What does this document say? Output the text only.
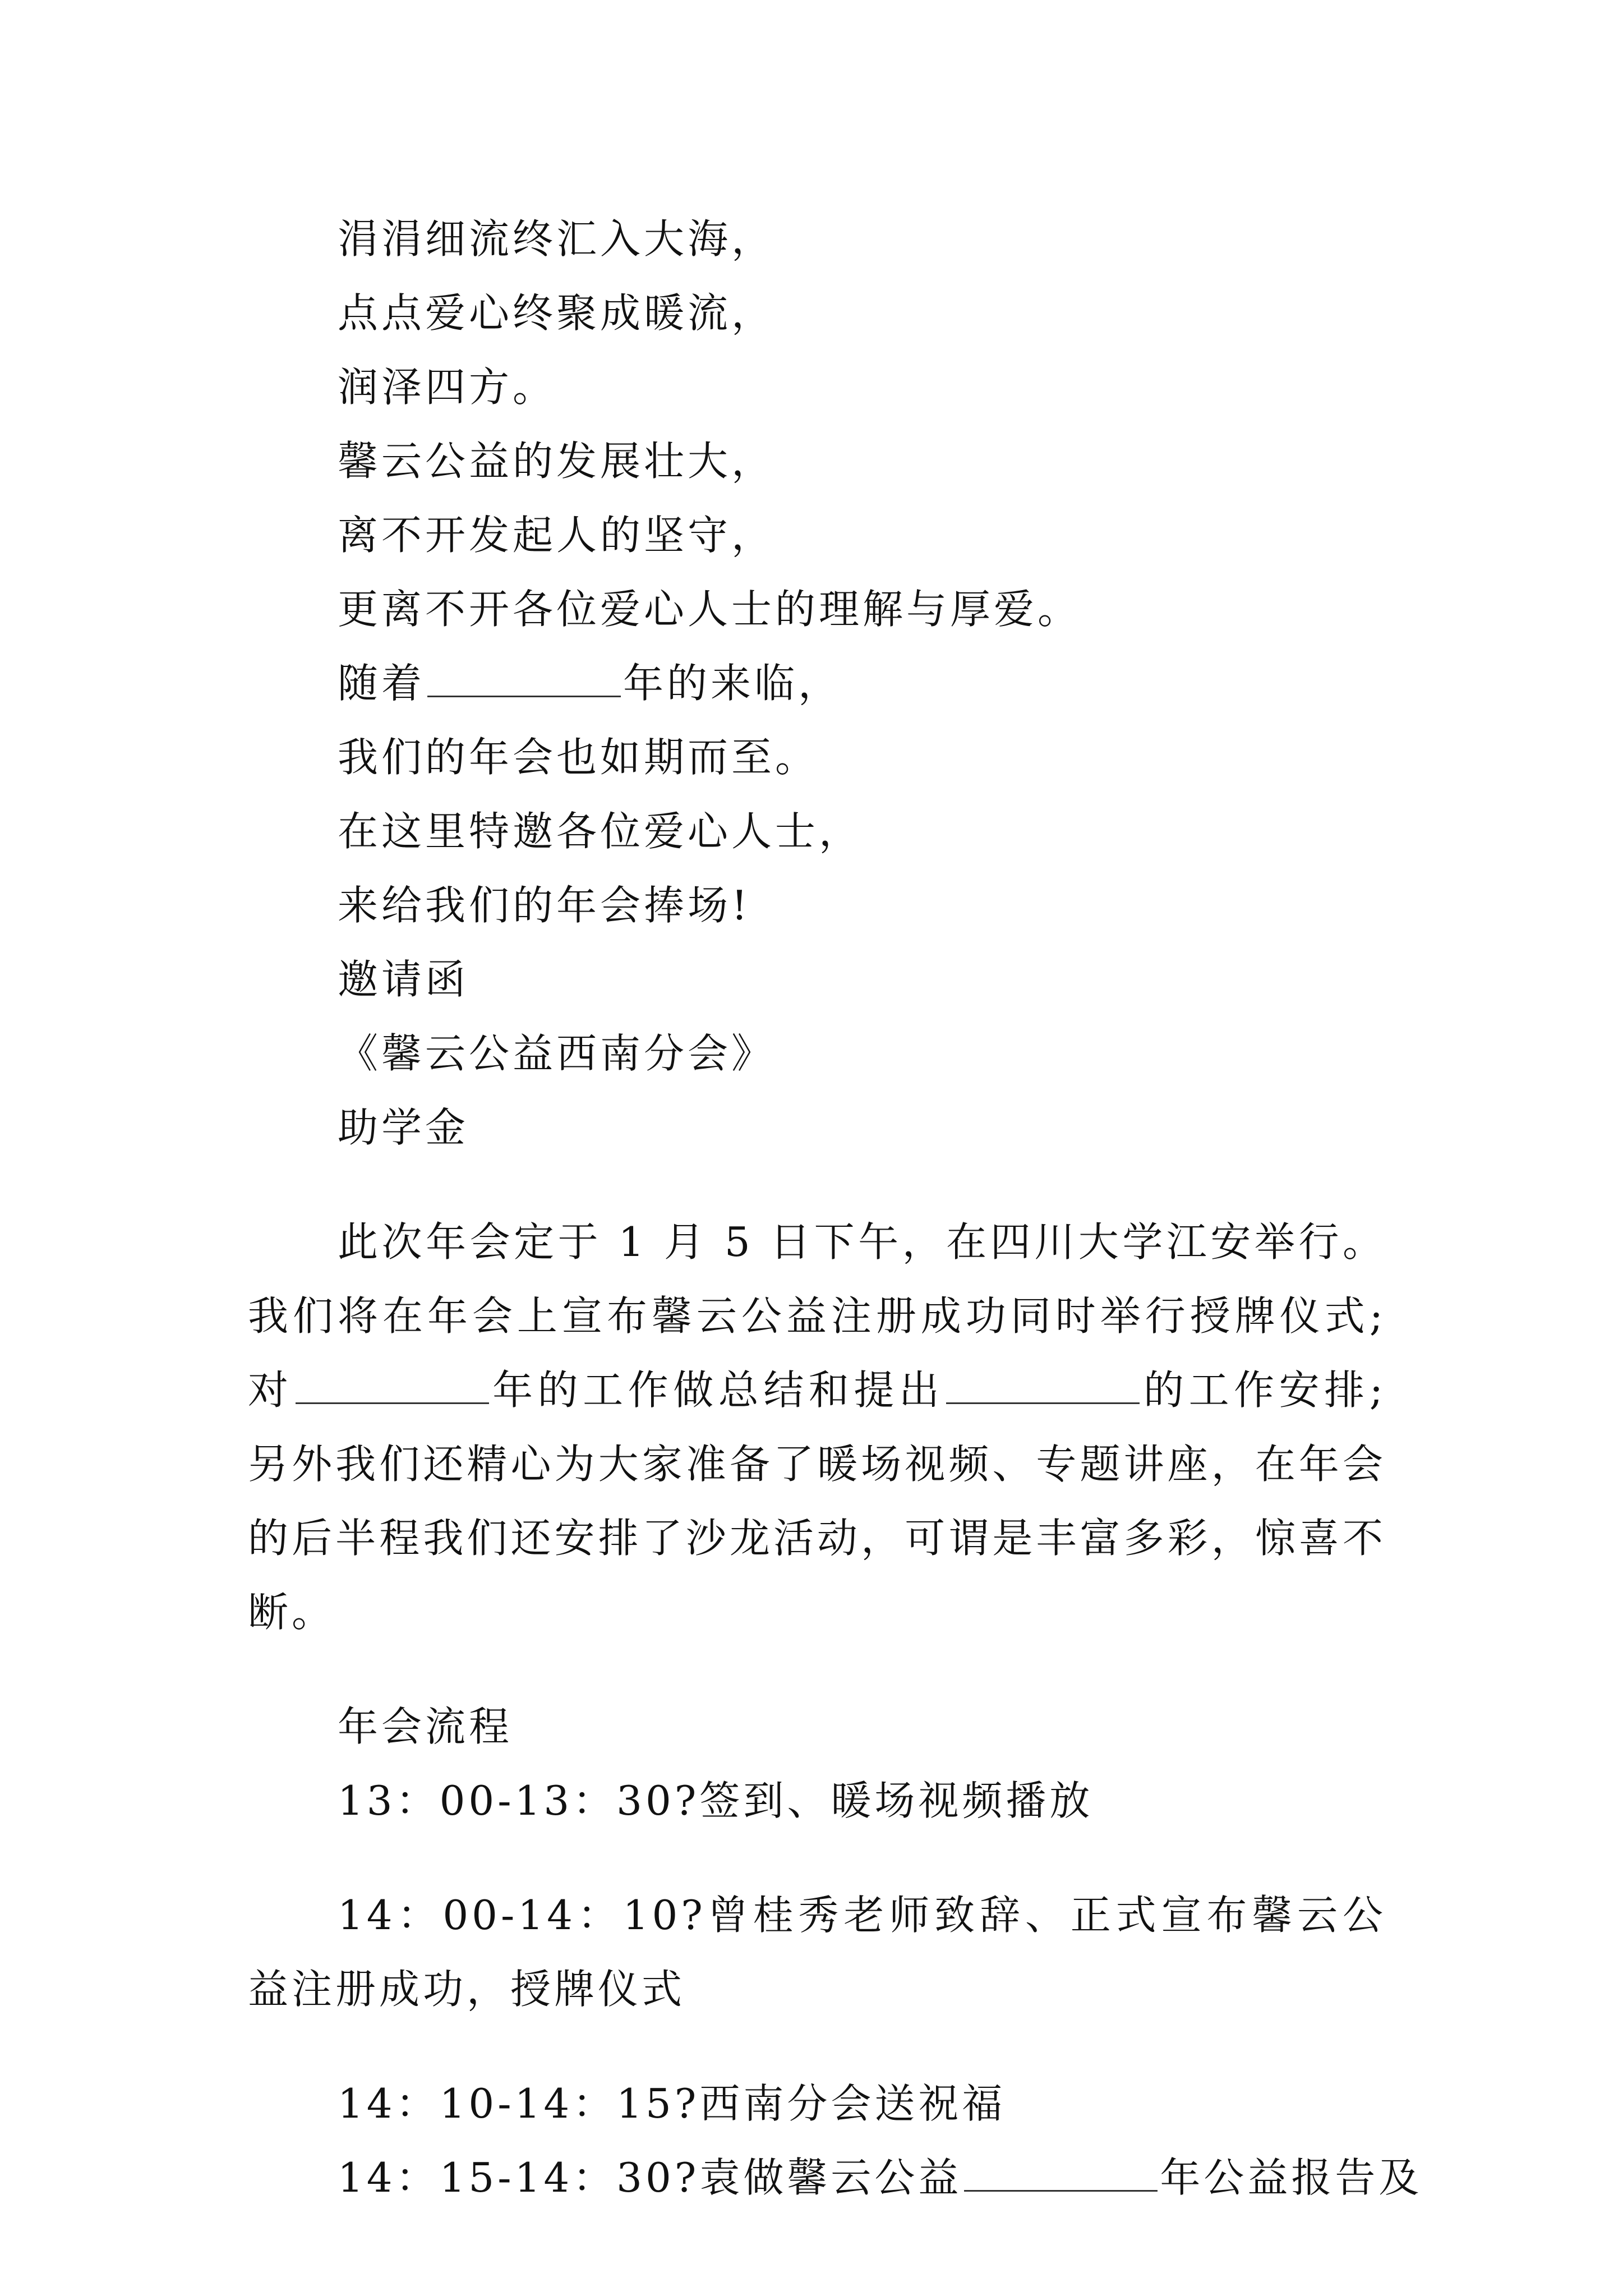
涓涓细流终汇入大海，

点点爱心终聚成暖流，

润泽四方。

馨云公益的发展壮大，

离不开发起人的坚守，

更离不开各位爱心人士的理解与厚爱。

随着	年的来临，

我们的年会也如期而至。

在这里特邀各位爱心人士，

来给我们的年会捧场!

邀请函

《馨云公益西南分会》

助学金

此次年会定于 1 月 5 日下午，在四川大学江安举行。我们将在年会上宣布馨云公益注册成功同时举行授牌仪式;对	年的工作做总结和提出	的工作安排;另外我们还精心为大家准备了暖场视频、专题讲座，在年会的后半程我们还安排了沙龙活动，可谓是丰富多彩，惊喜不断。

年会流程

13：00-13：30?签到、暖场视频播放

14：00-14：10?曾桂秀老师致辞、正式宣布馨云公益注册成功，授牌仪式

14：10-14：15?西南分会送祝福

14：15-14：30?袁做馨云公益	年公益报告及
